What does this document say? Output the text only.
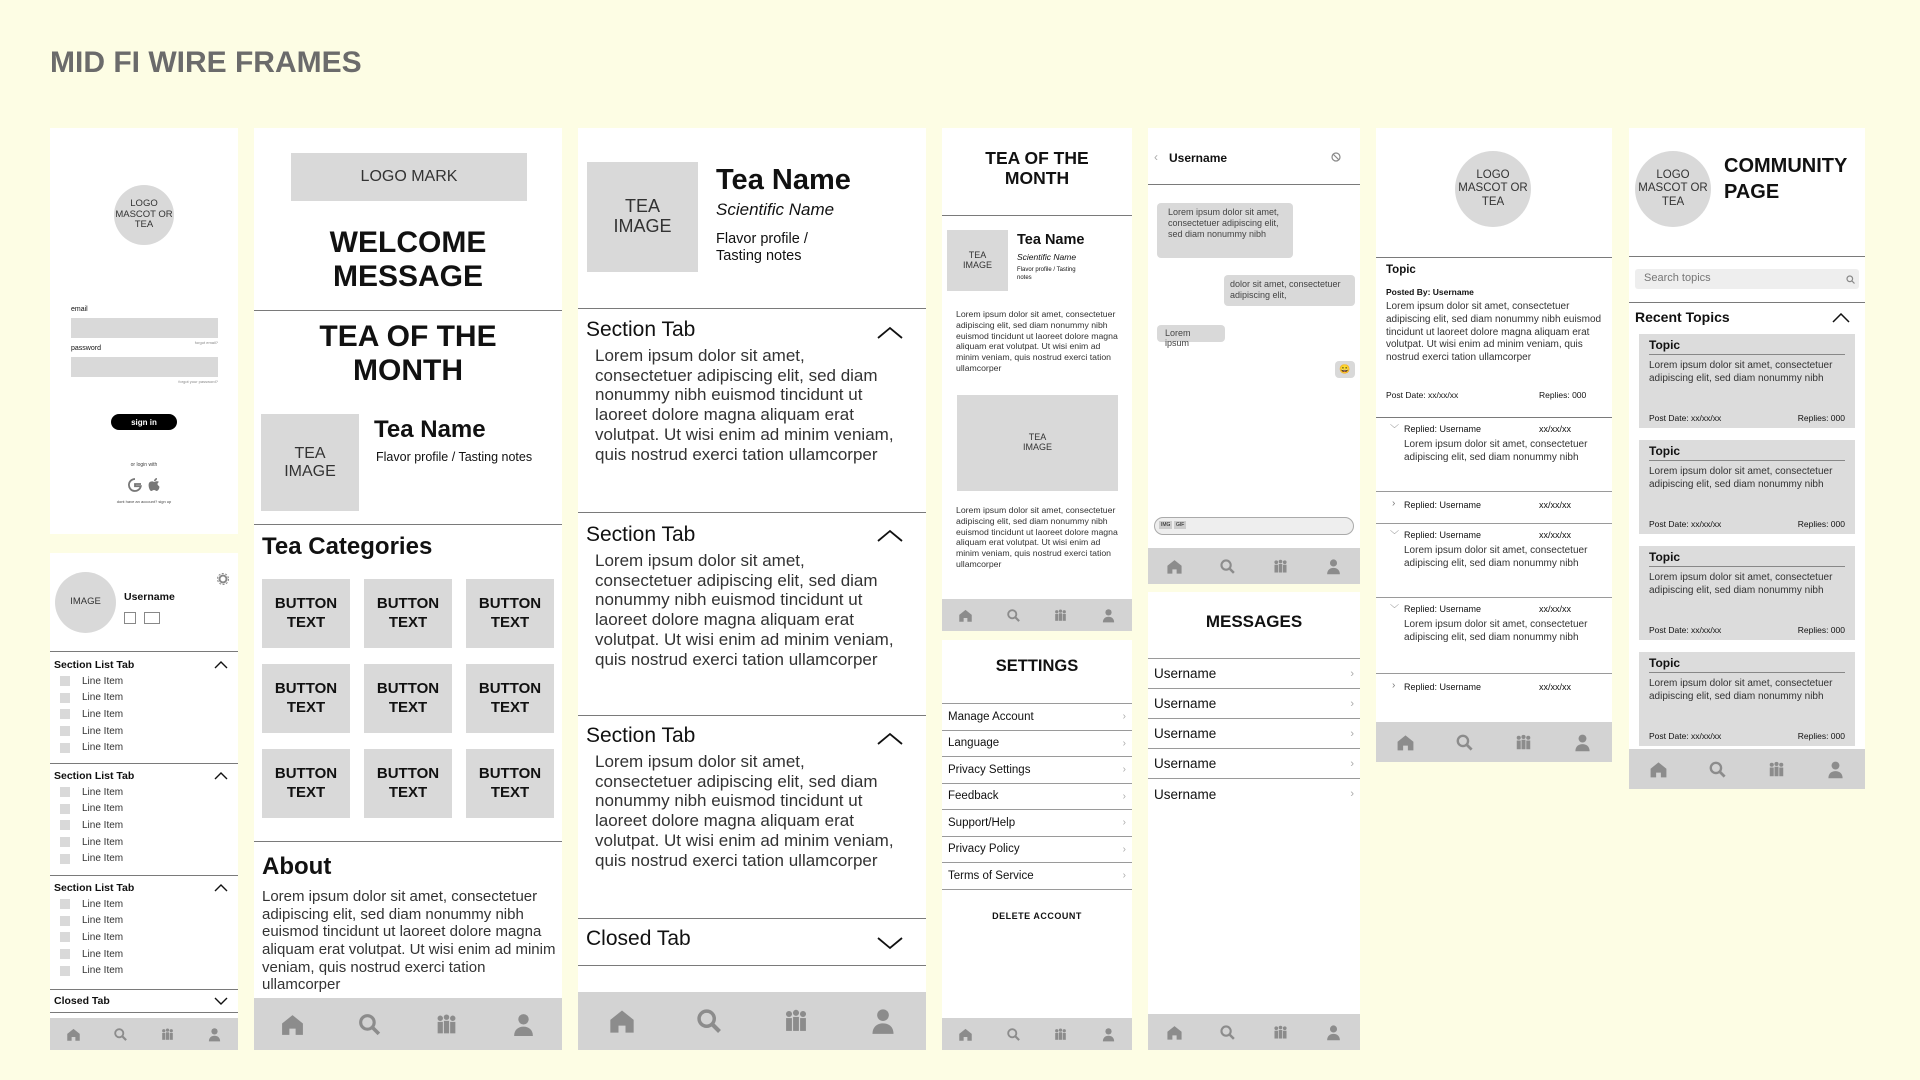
MID FI WIRE FRAMES
LOGO MASCOT OR TEA
email
forgot email?
password
forgot your password?
sign in
or login with
dont have an account? sign up
IMAGE	Username

Section List Tab
Line Item
Line Item
Line Item
Line Item
Line Item
Section List Tab
Line Item
Line Item
Line Item
Line Item
Line Item
Section List Tab
Line Item
Line Item
Line Item
Line Item
Line Item
Closed Tab
LOGO MARK
WELCOME MESSAGE
TEA OF THE MONTH
TEA IMAGE
Tea Name
Flavor profile / Tasting notes
Tea Categories
BUTTON TEXT
BUTTON TEXT
BUTTON TEXT
BUTTON TEXT
BUTTON TEXT
BUTTON TEXT
BUTTON TEXT
BUTTON TEXT
BUTTON TEXT
About
Lorem ipsum dolor sit amet, consectetuer adipiscing elit, sed diam nonummy nibh euismod tincidunt ut laoreet dolore magna aliquam erat volutpat. Ut wisi enim ad minim veniam, quis nostrud exerci tation ullamcorper
TEA IMAGE
Tea Name
Scientific Name
Flavor profile / Tasting notes
Section Tab
Lorem ipsum dolor sit amet, consectetuer adipiscing elit, sed diam nonummy nibh euismod tincidunt ut laoreet dolore magna aliquam erat volutpat. Ut wisi enim ad minim veniam, quis nostrud exerci tation ullamcorper
Section Tab
Lorem ipsum dolor sit amet, consectetuer adipiscing elit, sed diam nonummy nibh euismod tincidunt ut laoreet dolore magna aliquam erat volutpat. Ut wisi enim ad minim veniam, quis nostrud exerci tation ullamcorper
Section Tab
Lorem ipsum dolor sit amet, consectetuer adipiscing elit, sed diam nonummy nibh euismod tincidunt ut laoreet dolore magna aliquam erat volutpat. Ut wisi enim ad minim veniam, quis nostrud exerci tation ullamcorper
Closed Tab
TEA OF THE MONTH
TEA IMAGE
Tea Name
Scientific Name
Flavor profile / Tasting notes
Lorem ipsum dolor sit amet, consectetuer adipiscing elit, sed diam nonummy nibh euismod tincidunt ut laoreet dolore magna aliquam erat volutpat. Ut wisi enim ad minim veniam, quis nostrud exerci tation ullamcorper
TEA IMAGE
Lorem ipsum dolor sit amet, consectetuer adipiscing elit, sed diam nonummy nibh euismod tincidunt ut laoreet dolore magna aliquam erat volutpat. Ut wisi enim ad minim veniam, quis nostrud exerci tation ullamcorper
SETTINGS
Manage Account	›
Language	›
Privacy Settings	›
Feedback	›
Support/Help	›
Privacy Policy	›
Terms of Service	›
DELETE ACCOUNT
‹ Username
Lorem ipsum dolor sit amet, consectetuer adipiscing elit, sed diam nonummy nibh
dolor sit amet, consectetuer adipiscing elit,
Lorem ipsum
😀
IMG	GIF
MESSAGES
Username	›
Username	›
Username	›
Username	›
Username	›
LOGO MASCOT OR TEA
Topic
Posted By: Username
Lorem ipsum dolor sit amet, consectetuer adipiscing elit, sed diam nonummy nibh euismod tincidunt ut laoreet dolore magna aliquam erat volutpat. Ut wisi enim ad minim veniam, quis nostrud exerci tation ullamcorper
Post Date: xx/xx/xx	Replies: 000
﹀ Replied: Username	xx/xx/xx
Lorem ipsum dolor sit amet, consectetuer adipiscing elit, sed diam nonummy nibh
› Replied: Username	xx/xx/xx
﹀ Replied: Username	xx/xx/xx
Lorem ipsum dolor sit amet, consectetuer adipiscing elit, sed diam nonummy nibh
﹀ Replied: Username	xx/xx/xx
Lorem ipsum dolor sit amet, consectetuer adipiscing elit, sed diam nonummy nibh
› Replied: Username	xx/xx/xx
LOGO MASCOT OR TEA
COMMUNITY PAGE
Search topics
Recent Topics
Topic
Lorem ipsum dolor sit amet, consectetuer adipiscing elit, sed diam nonummy nibh
Post Date: xx/xx/xx	Replies: 000
Topic
Lorem ipsum dolor sit amet, consectetuer adipiscing elit, sed diam nonummy nibh
Post Date: xx/xx/xx	Replies: 000
Topic
Lorem ipsum dolor sit amet, consectetuer adipiscing elit, sed diam nonummy nibh
Post Date: xx/xx/xx	Replies: 000
Topic
Lorem ipsum dolor sit amet, consectetuer adipiscing elit, sed diam nonummy nibh
Post Date: xx/xx/xx	Replies: 000
